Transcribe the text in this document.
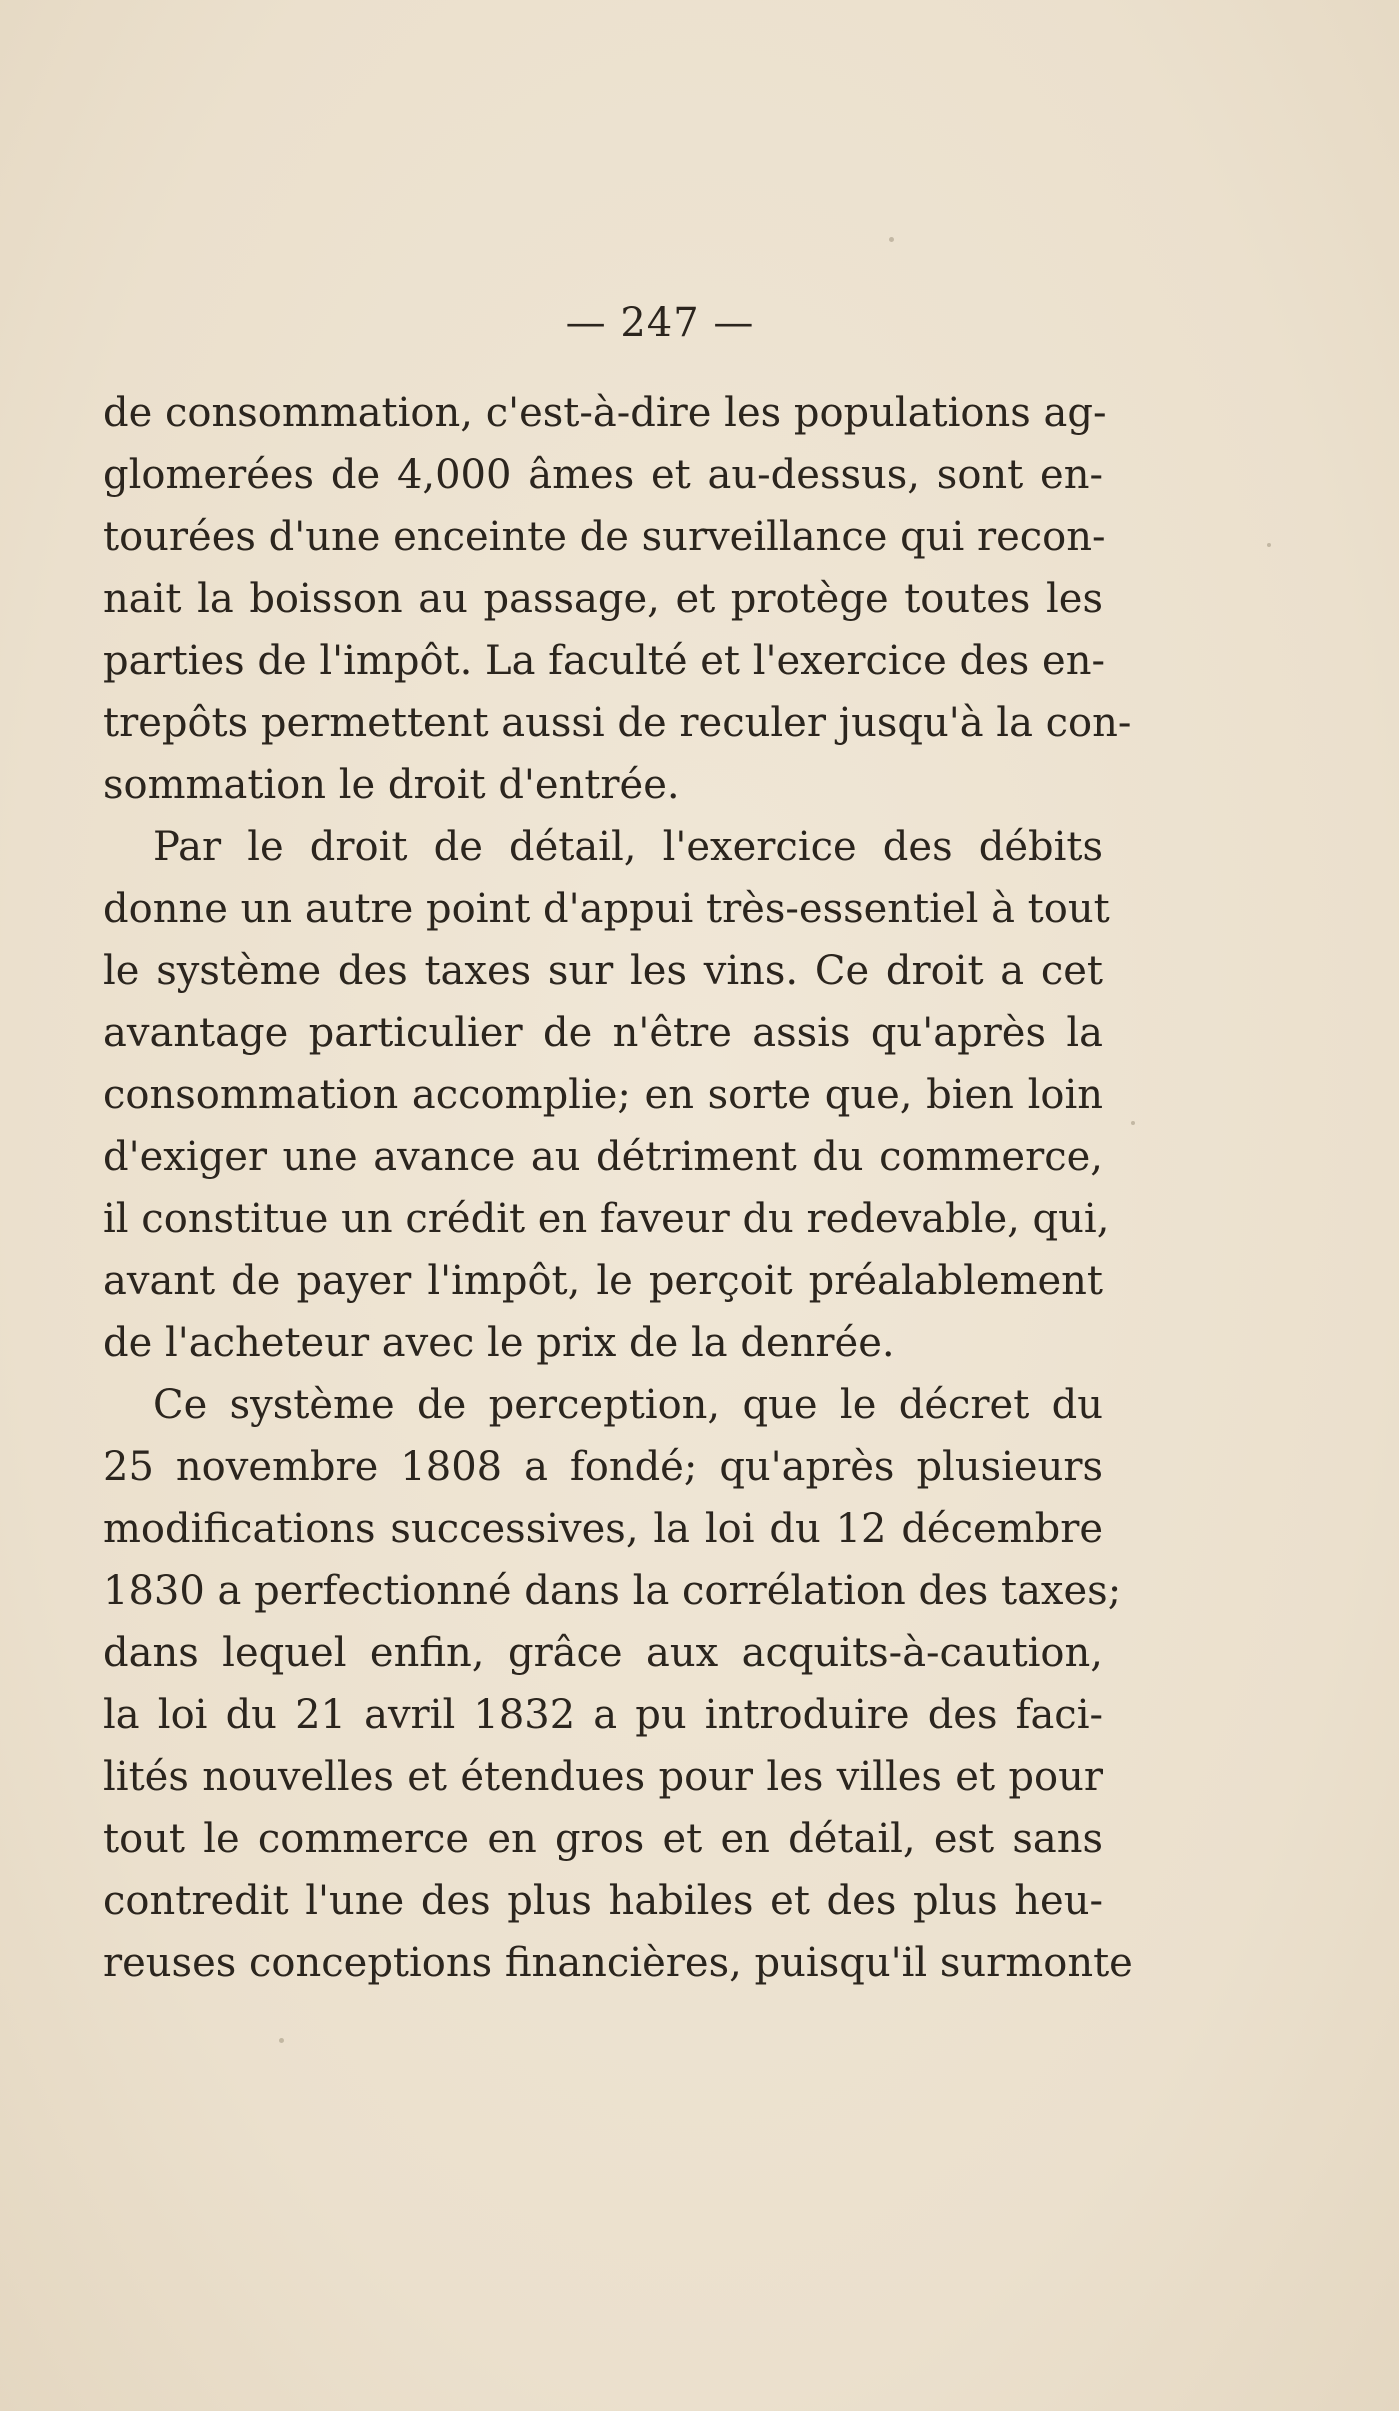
— 247 —
de consommation, c'est-à-dire les populations ag-
glomerées de 4,000 âmes et au-dessus, sont en-
tourées d'une enceinte de surveillance qui recon-
nait la boisson au passage, et protège toutes les
parties de l'impôt. La faculté et l'exercice des en-
trepôts permettent aussi de reculer jusqu'à la con-
sommation le droit d'entrée.
Par le droit de détail, l'exercice des débits
donne un autre point d'appui très-essentiel à tout
le système des taxes sur les vins. Ce droit a cet
avantage particulier de n'être assis qu'après la
consommation accomplie; en sorte que, bien loin
d'exiger une avance au détriment du commerce,
il constitue un crédit en faveur du redevable, qui,
avant de payer l'impôt, le perçoit préalablement
de l'acheteur avec le prix de la denrée.
Ce système de perception, que le décret du
25 novembre 1808 a fondé; qu'après plusieurs
modifications successives, la loi du 12 décembre
1830 a perfectionné dans la corrélation des taxes;
dans lequel enfin, grâce aux acquits-à-caution,
la loi du 21 avril 1832 a pu introduire des faci-
lités nouvelles et étendues pour les villes et pour
tout le commerce en gros et en détail, est sans
contredit l'une des plus habiles et des plus heu-
reuses conceptions financières, puisqu'il surmonte
